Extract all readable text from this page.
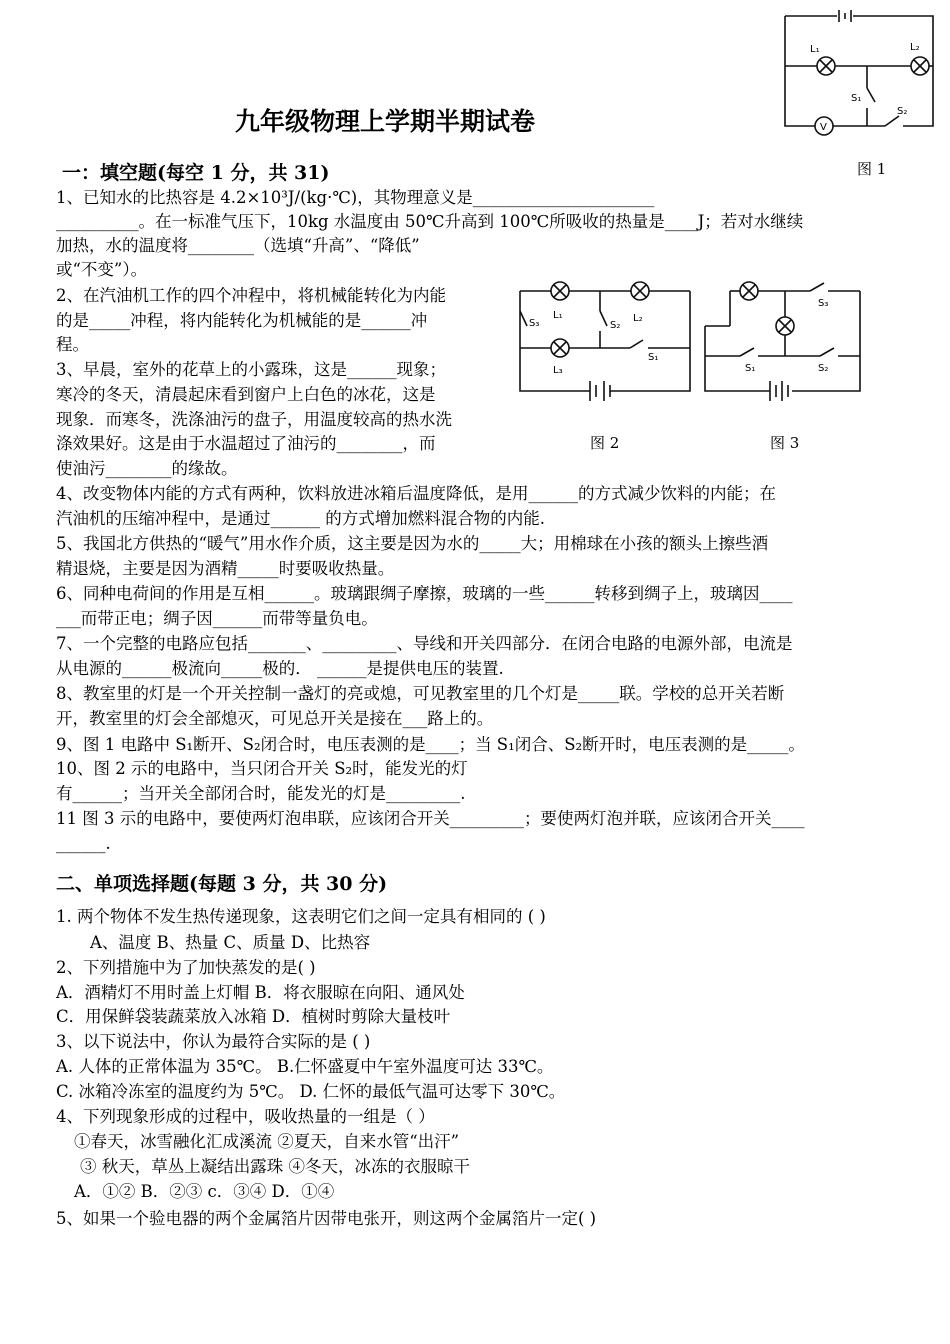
L₁	L₂
S₁
S₂
V
图 1
九年级物理上学期半期试卷
一：填空题(每空 1 分，共 31)
1、已知水的比热容是 4.2×10³J/(kg·℃)，其物理意义是______________________
__________。在一标准气压下，10kg 水温度由 50℃升高到 100℃所吸收的热量是____J；若对水继续
加热，水的温度将________（选填“升高”、“降低”
或“不变”）。
2、在汽油机工作的四个冲程中，将机械能转化为内能
的是_____冲程，将内能转化为机械能的是______冲
程。
3、早晨，室外的花草上的小露珠，这是______现象；
寒冷的冬天，清晨起床看到窗户上白色的冰花，这是
现象．而寒冬，洗涤油污的盘子，用温度较高的热水洗
涤效果好。这是由于水温超过了油污的________，而
使油污________的缘故。
S₃
L₁
S₂
L₂
L₃
S₁
图 2
S₃
S₁	S₂
图 3
4、改变物体内能的方式有两种，饮料放进冰箱后温度降低，是用______的方式减少饮料的内能；在
汽油机的压缩冲程中，是通过______ 的方式增加燃料混合物的内能.
5、我国北方供热的“暖气”用水作介质，这主要是因为水的_____大；用棉球在小孩的额头上擦些酒
精退烧，主要是因为酒精_____时要吸收热量。
6、同种电荷间的作用是互相______。玻璃跟绸子摩擦，玻璃的一些______转移到绸子上，玻璃因____
___而带正电；绸子因______而带等量负电。
7、一个完整的电路应包括_______、_________、导线和开关四部分．在闭合电路的电源外部，电流是
从电源的______极流向_____极的． ______是提供电压的装置.
8、教室里的灯是一个开关控制一盏灯的亮或熄，可见教室里的几个灯是_____联。学校的总开关若断
开，教室里的灯会全部熄灭，可见总开关是接在___路上的。
9、图 1 电路中 S₁断开、S₂闭合时，电压表测的是____；当 S₁闭合、S₂断开时，电压表测的是_____。
10、图 2 示的电路中，当只闭合开关 S₂时，能发光的灯
有______；当开关全部闭合时，能发光的灯是_________.
11 图 3 示的电路中，要使两灯泡串联，应该闭合开关_________；要使两灯泡并联，应该闭合开关____
______.
二、单项选择题(每题 3 分，共 30 分)
1. 两个物体不发生热传递现象，这表明它们之间一定具有相同的 ( )
A、温度 B、热量 C、质量 D、比热容
2、下列措施中为了加快蒸发的是( )
A．酒精灯不用时盖上灯帽 B．将衣服晾在向阳、通风处
C．用保鲜袋装蔬菜放入冰箱 D．植树时剪除大量枝叶
3、以下说法中，你认为最符合实际的是 ( )
A. 人体的正常体温为 35℃。 B.仁怀盛夏中午室外温度可达 33℃。
C. 冰箱冷冻室的温度约为 5℃。 D. 仁怀的最低气温可达零下 30℃。
4、下列现象形成的过程中，吸收热量的一组是（ ）
①春天，冰雪融化汇成溪流 ②夏天，自来水管“出汗”
③ 秋天，草丛上凝结出露珠 ④冬天，冰冻的衣服晾干
A．①② B．②③ c．③④ D．①④
5、如果一个验电器的两个金属箔片因带电张开，则这两个金属箔片一定( )
